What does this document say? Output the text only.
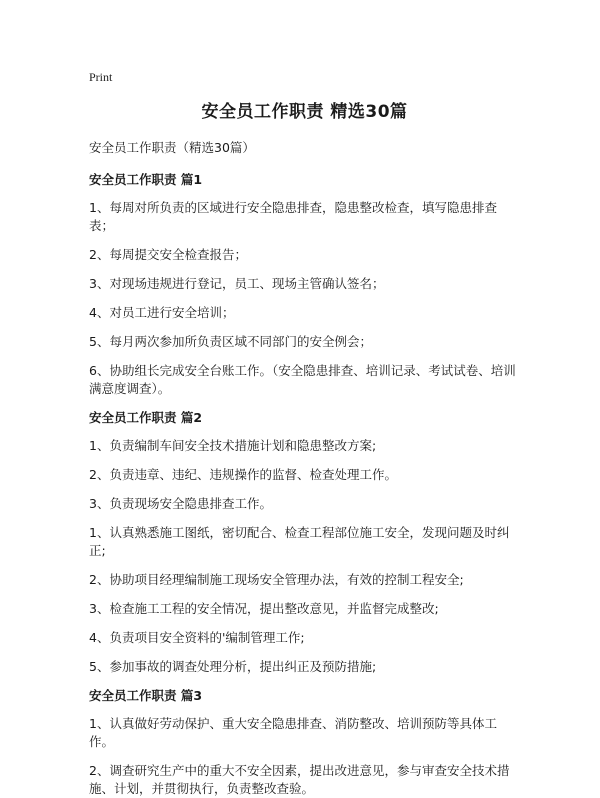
Print
安全员工作职责 精选30篇
安全员工作职责（精选30篇）
安全员工作职责 篇1

1、每周对所负责的区域进行安全隐患排查，隐患整改检查，填写隐患排查表；

2、每周提交安全检查报告；

3、对现场违规进行登记，员工、现场主管确认签名；

4、对员工进行安全培训；

5、每月两次参加所负责区域不同部门的安全例会；

6、协助组长完成安全台账工作。（安全隐患排查、培训记录、考试试卷、培训满意度调查）。

安全员工作职责 篇2

1、负责编制车间安全技术措施计划和隐患整改方案;

2、负责违章、违纪、违规操作的监督、检查处理工作。

3、负责现场安全隐患排查工作。

1、认真熟悉施工图纸，密切配合、检查工程部位施工安全，发现问题及时纠正;

2、协助项目经理编制施工现场安全管理办法，有效的控制工程安全;

3、检查施工工程的安全情况，提出整改意见，并监督完成整改;

4、负责项目安全资料的'编制管理工作;

5、参加事故的调查处理分析，提出纠正及预防措施;

安全员工作职责 篇3

1、认真做好劳动保护、重大安全隐患排查、消防整改、培训预防等具体工作。

2、调查研究生产中的重大不安全因素，提出改进意见，参与审查安全技术措施、计划，并贯彻执行，负责整改查验。
